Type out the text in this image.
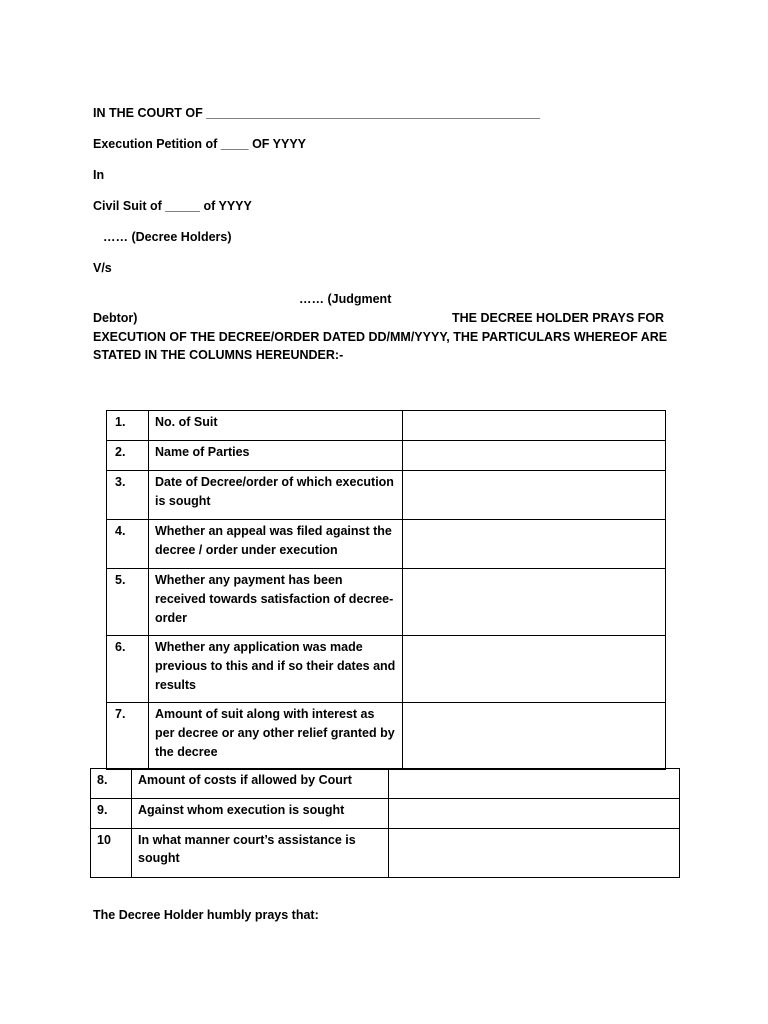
IN THE COURT OF ________________________________________________
Execution Petition of ____ OF YYYY
In
Civil Suit of _____ of YYYY
…… (Decree Holders)
V/s
…… (Judgment
Debtor)	THE DECREE HOLDER PRAYS FOR
EXECUTION OF THE DECREE/ORDER DATED DD/MM/YYYY, THE PARTICULARS WHEREOF ARE
STATED IN THE COLUMNS HEREUNDER:-
1.	No. of Suit	
2.	Name of Parties	
3.	Date of Decree/order of which execution is sought	
4.	Whether an appeal was filed against the decree / order under execution	
5.	Whether any payment has been received towards satisfaction of decree-order	
6.	Whether any application was made previous to this and if so their dates and results	
7.	Amount of suit along with interest as per decree or any other relief granted by the decree	
8.	Amount of costs if allowed by Court	
9.	Against whom execution is sought	
10	In what manner court’s assistance is sought	
The Decree Holder humbly prays that:
